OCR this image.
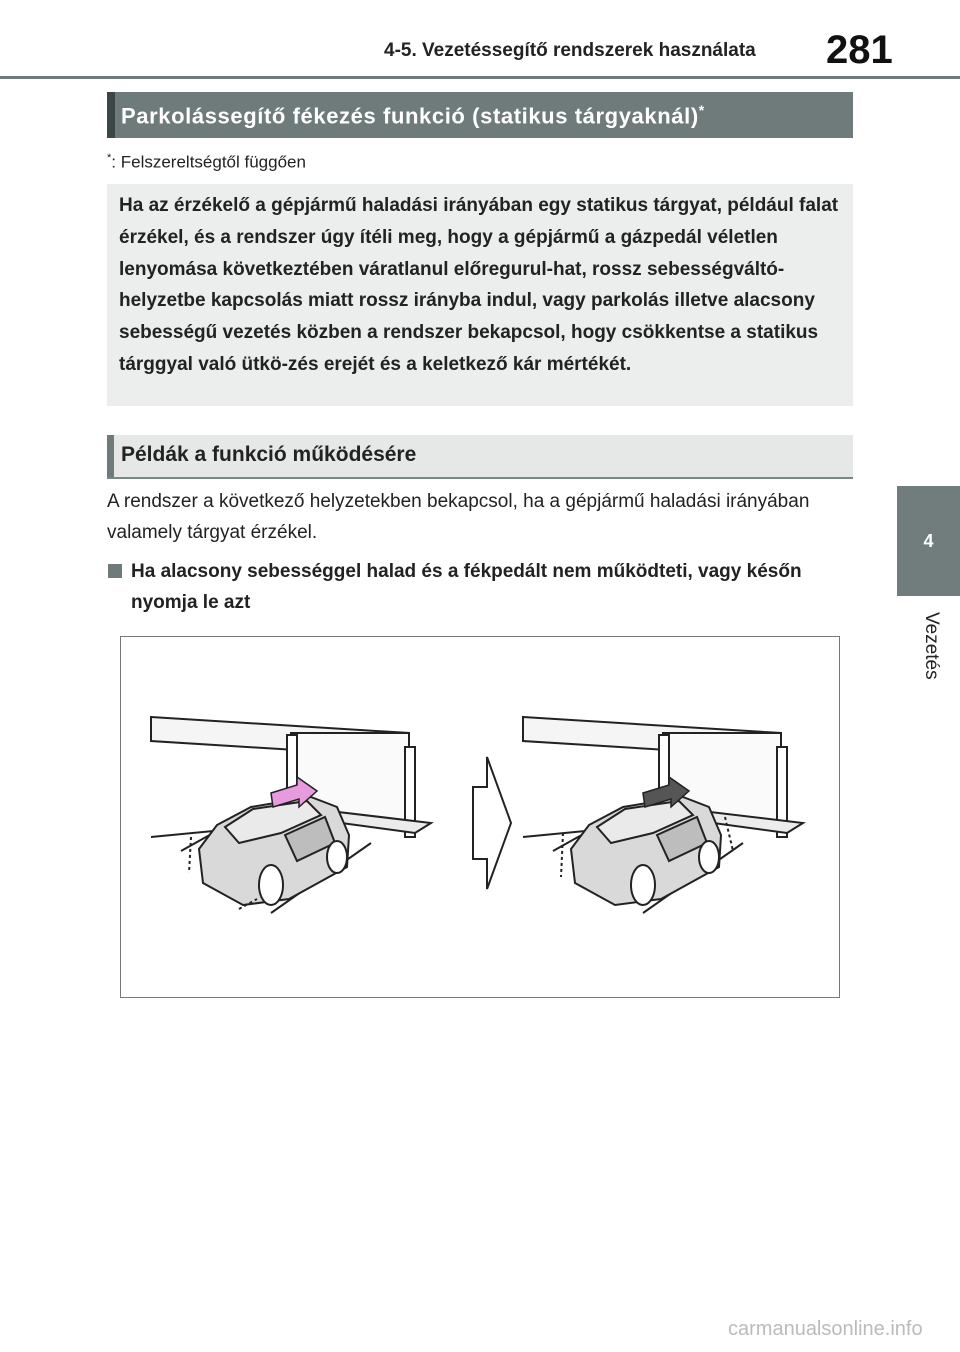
4-5. Vezetéssegítő rendszerek használata 281
4
Vezetés
Parkolássegítő fékezés funkció (statikus tárgyaknál)*
*: Felszereltségtől függően
Ha az érzékelő a gépjármű haladási irányában egy statikus tárgyat, például falat érzékel, és a rendszer úgy ítéli meg, hogy a gépjármű a gázpedál véletlen lenyomása következtében váratlanul előregurul-hat, rossz sebességváltó-helyzetbe kapcsolás miatt rossz irányba indul, vagy parkolás illetve alacsony sebességű vezetés közben a rendszer bekapcsol, hogy csökkentse a statikus tárggyal való ütkö-zés erejét és a keletkező kár mértékét.
Példák a funkció működésére
A rendszer a következő helyzetekben bekapcsol, ha a gépjármű haladási irányában valamely tárgyat érzékel.
Ha alacsony sebességgel halad és a fékpedált nem működteti, vagy későn nyomja le azt
carmanualsonline.info
